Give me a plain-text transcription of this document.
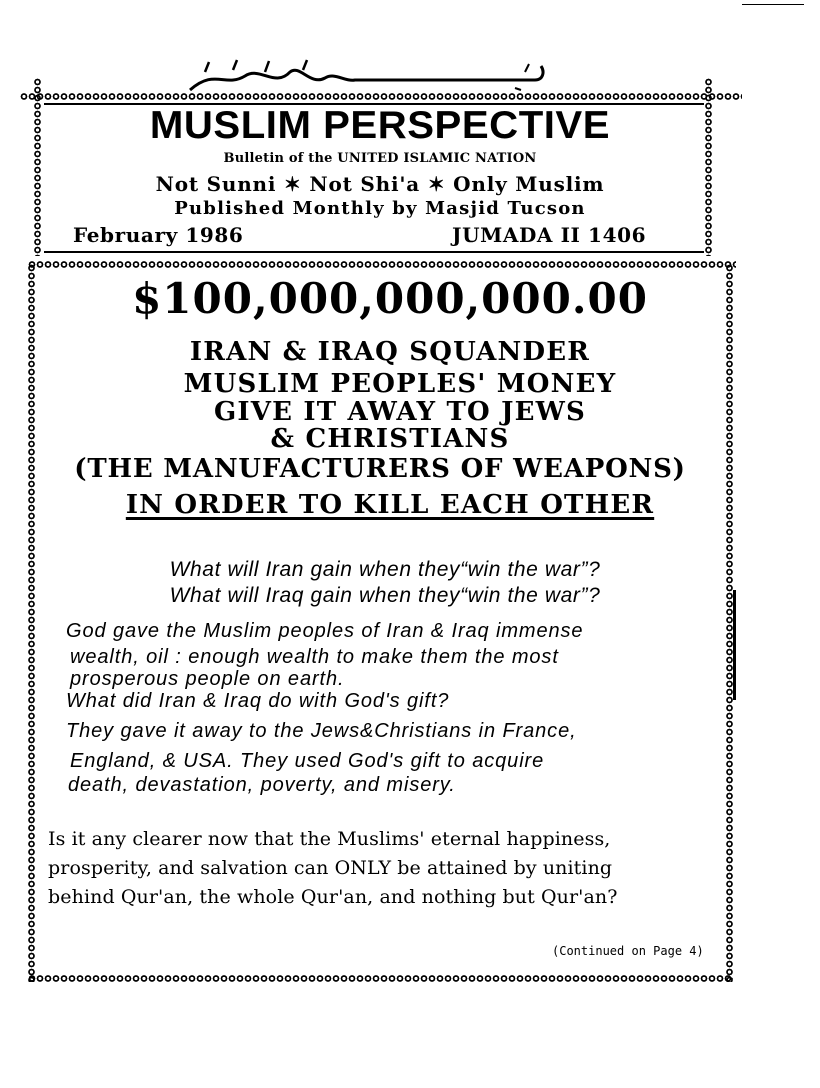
MUSLIM PERSPECTIVE
Bulletin of the UNITED ISLAMIC NATION
Not Sunni ✶ Not Shi'a ✶ Only Muslim
Published Monthly by Masjid Tucson
February 1986	JUMADA II 1406
$100,000,000,000.00
IRAN & IRAQ SQUANDER
MUSLIM PEOPLES' MONEY
GIVE IT AWAY TO JEWS
& CHRISTIANS
(THE MANUFACTURERS OF WEAPONS)
IN ORDER TO KILL EACH OTHER
What will Iran gain when they“win the war”?
What will Iraq gain when they“win the war”?
God gave the Muslim peoples of Iran & Iraq immense
wealth, oil : enough wealth to make them the most
prosperous people on earth.
What did Iran & Iraq do with God's gift?
They gave it away to the Jews&Christians in France,
England, & USA. They used God's gift to acquire
death, devastation, poverty, and misery.
Is it any clearer now that the Muslims' eternal happiness,
prosperity, and salvation can ONLY be attained by uniting
behind Qur'an, the whole Qur'an, and nothing but Qur'an?
(Continued on Page 4)
